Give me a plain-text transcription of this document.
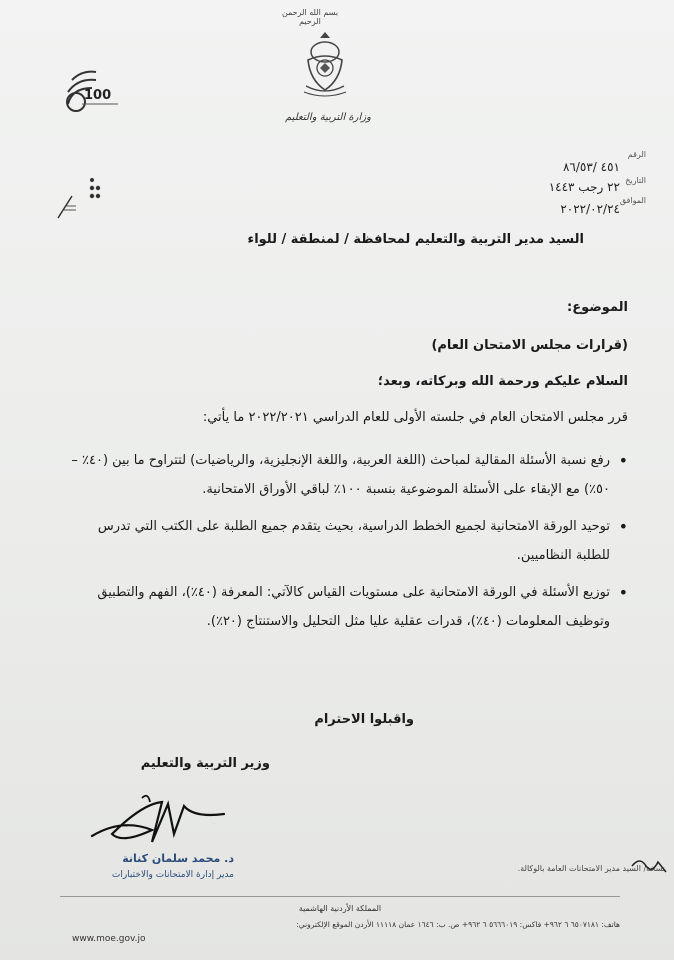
بسم الله الرحمن الرحيم
وزارة التربية والتعليم
100
الرقم
التاريخ
الموافق
٤٥١ /٨٦/٥٣
٢٢ رجب ١٤٤٣
٢٠٢٢/٠٢/٢٤
السيد مدير التربية والتعليم لمحافظة / لمنطقة / للواء
الموضوع:
(قرارات مجلس الامتحان العام)
السلام عليكم ورحمة الله وبركاته، وبعد؛
قرر مجلس الامتحان العام في جلسته الأولى للعام الدراسي ٢٠٢٢/٢٠٢١ ما يأتي:
• رفع نسبة الأسئلة المقالية لمباحث (اللغة العربية، واللغة الإنجليزية، والرياضيات) لتتراوح ما بين (٤٠٪ – ٥٠٪) مع الإبقاء على الأسئلة الموضوعية بنسبة ١٠٠٪ لباقي الأوراق الامتحانية.
• توحيد الورقة الامتحانية لجميع الخطط الدراسية، بحيث يتقدم جميع الطلبة على الكتب التي تدرس للطلبة النظاميين.
• توزيع الأسئلة في الورقة الامتحانية على مستويات القياس كالآتي: المعرفة (٤٠٪)، الفهم والتطبيق وتوظيف المعلومات (٤٠٪)، قدرات عقلية عليا مثل التحليل والاستنتاج (٢٠٪).
واقبلوا الاحترام
وزير التربية والتعليم
د. محمد سلمان كنانة
مدير إدارة الامتحانات والاختبارات
نسخة/ السيد مدير الامتحانات العامة بالوكالة.
المملكة الأردنية الهاشمية
هاتف: ٦٥٠٧١٨١ ٦ ٩٦٢+ فاكس: ٥٦٦٦٠١٩ ٦ ٩٦٢+ ص. ب: ١٦٤٦ عمان ١١١١٨ الأردن الموقع الإلكتروني:
www.moe.gov.jo
